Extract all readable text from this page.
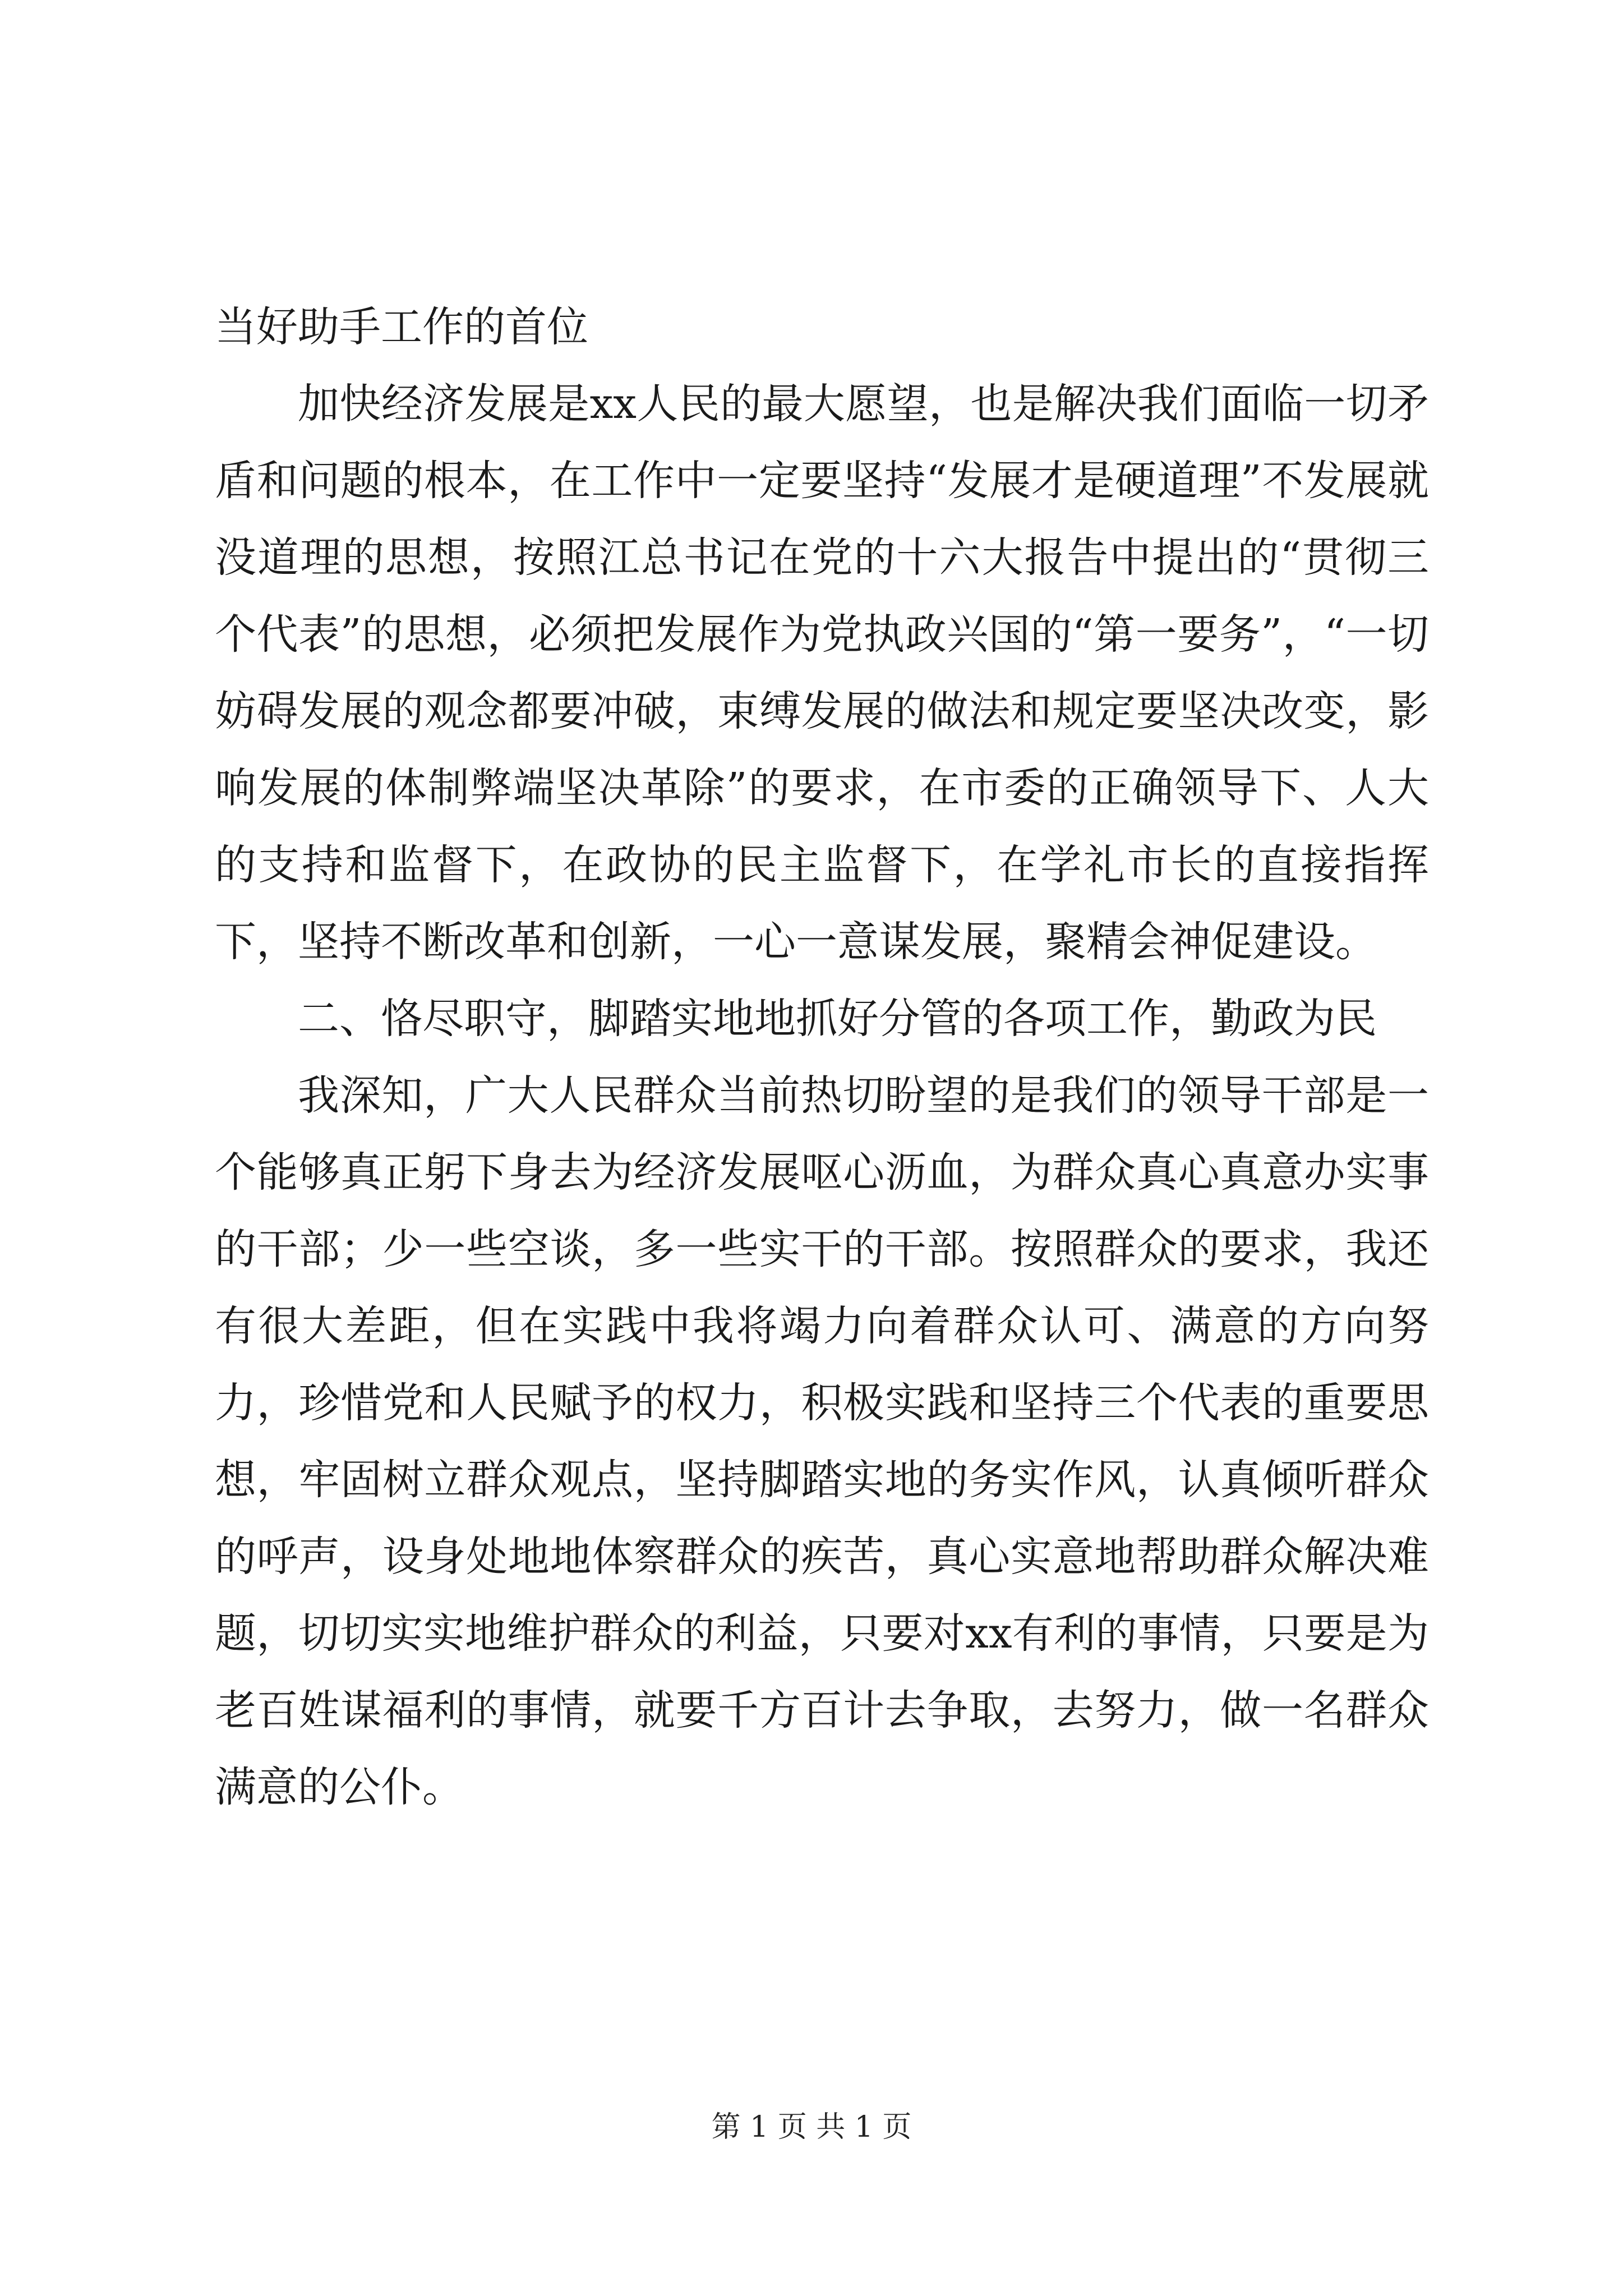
当好助手工作的首位

加快经济发展是xx人民的最大愿望，也是解决我们面临一切矛盾和问题的根本，在工作中一定要坚持“发展才是硬道理”不发展就没道理的思想，按照江总书记在党的十六大报告中提出的“贯彻三个代表”的思想，必须把发展作为党执政兴国的“第一要务”，“一切妨碍发展的观念都要冲破，束缚发展的做法和规定要坚决改变，影响发展的体制弊端坚决革除”的要求，在市委的正确领导下、人大的支持和监督下，在政协的民主监督下，在学礼市长的直接指挥下，坚持不断改革和创新，一心一意谋发展，聚精会神促建设。

二、恪尽职守，脚踏实地地抓好分管的各项工作，勤政为民

我深知，广大人民群众当前热切盼望的是我们的领导干部是一个能够真正躬下身去为经济发展呕心沥血，为群众真心真意办实事的干部；少一些空谈，多一些实干的干部。按照群众的要求，我还有很大差距，但在实践中我将竭力向着群众认可、满意的方向努力，珍惜党和人民赋予的权力，积极实践和坚持三个代表的重要思想，牢固树立群众观点，坚持脚踏实地的务实作风，认真倾听群众的呼声，设身处地地体察群众的疾苦，真心实意地帮助群众解决难题，切切实实地维护群众的利益，只要对xx有利的事情，只要是为老百姓谋福利的事情，就要千方百计去争取，去努力，做一名群众满意的公仆。

第 1 页 共 1 页
